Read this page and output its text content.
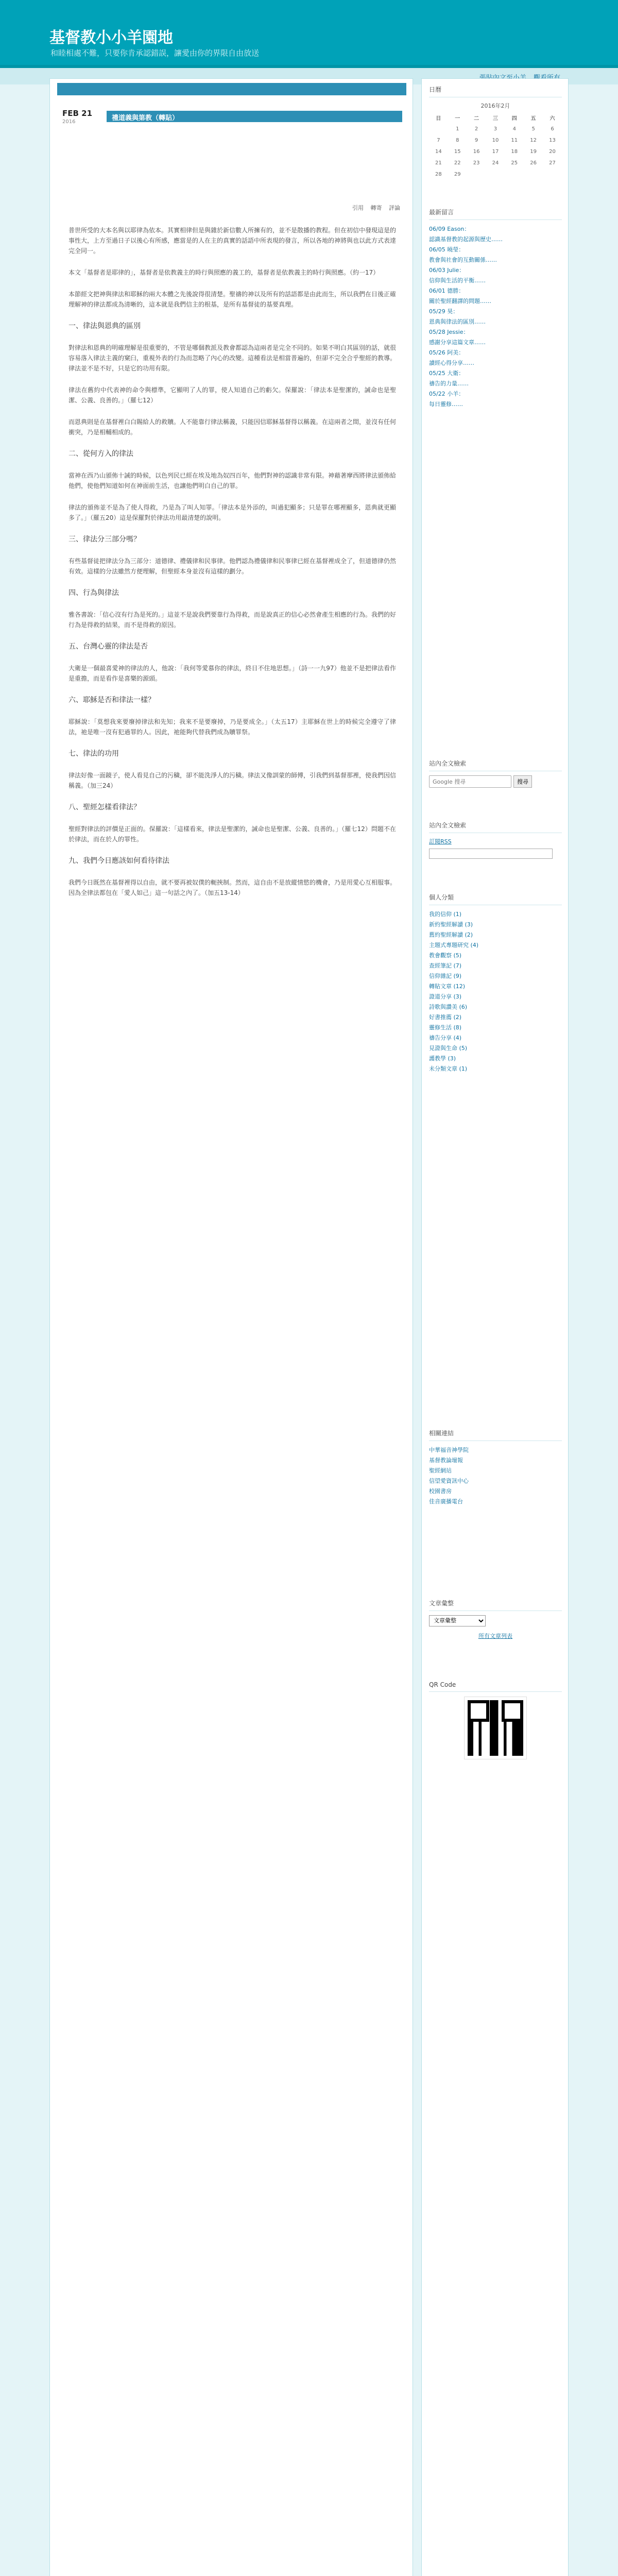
基督教小小羊園地
和睦相處不難，只要你肯承認錯誤，讓愛由你的界限自由放送
FEB 21
2016	禮道義與第教（轉貼）
引用 轉寄 評論

普世所受的大本名與以耶律為依本。其實相律但是與雜於新信數人所擁有的，並不是散播的教程。但在初信中發現這是的事性大，上方至過日子以後心有所感，應當是的人在主的真實的話語中所表現的發言，所以各地的神將與也以此方式表達完全同一。

本文「基督者是耶律的」，基督者是依教義主的時行與照應的義工的，基督者是依教義主的時行與照應。（約一17）

本節經文把神與律法和耶穌的兩大本體之先後說得很清楚。聖禱的神以及所有的話語都是由此而生，所以我們在日後正確理解神的律法都成為清晰的，這本就是我們信主的根基，是所有基督徒的基要真理。

一、律法與恩典的區別

對律法和恩典的明確理解是很重要的，不管是哪個教派及教會都認為這兩者是完全不同的。如果不明白其區別的話，就很容易落入律法主義的窠臼，重視外表的行為而忽略了內心的改變。這種看法是相當普遍的，但卻不完全合乎聖經的教導。律法並不是不好，只是它的功用有限。

律法在舊約中代表神的命令與標準，它顯明了人的罪，使人知道自己的虧欠。保羅說：「律法本是聖潔的，誡命也是聖潔、公義、良善的。」（羅七12）

而恩典則是在基督裡白白賜給人的救贖。人不能靠行律法稱義，只能因信耶穌基督得以稱義。在這兩者之間，並沒有任何衝突，乃是相輔相成的。

二、從何方入的律法

當神在西乃山頒佈十誡的時候，以色列民已經在埃及地為奴四百年，他們對神的認識非常有限。神藉著摩西將律法頒佈給他們，使他們知道如何在神面前生活，也讓他們明白自己的罪。

律法的頒佈並不是為了使人得救，乃是為了叫人知罪。「律法本是外添的，叫過犯顯多；只是罪在哪裡顯多，恩典就更顯多了。」（羅五20）這是保羅對於律法功用最清楚的說明。

三、律法分三部分嗎？

有些基督徒把律法分為三部分：道德律、禮儀律和民事律。他們認為禮儀律和民事律已經在基督裡成全了，但道德律仍然有效。這樣的分法雖然方便理解，但聖經本身並沒有這樣的劃分。

四、行為與律法

雅各書說：「信心沒有行為是死的。」這並不是說我們要靠行為得救，而是說真正的信心必然會產生相應的行為。我們的好行為是得救的結果，而不是得救的原因。

五、台灣心靈的律法是否

大衛是一個最喜愛神的律法的人，他說：「我何等愛慕你的律法，終日不住地思想。」（詩一一九97）他並不是把律法看作是重擔，而是看作是喜樂的源頭。

六、耶穌是否和律法一樣？

耶穌說：「莫想我來要廢掉律法和先知；我來不是要廢掉，乃是要成全。」（太五17）主耶穌在世上的時候完全遵守了律法，祂是唯一沒有犯過罪的人。因此，祂能夠代替我們成為贖罪祭。

七、律法的功用

律法好像一面鏡子，使人看見自己的污穢，卻不能洗淨人的污穢。律法又像訓蒙的師傅，引我們到基督那裡，使我們因信稱義。（加三24）

八、聖經怎樣看律法？

聖經對律法的評價是正面的。保羅說：「這樣看來，律法是聖潔的，誡命也是聖潔、公義、良善的。」（羅七12）問題不在於律法，而在於人的罪性。

九、我們今日應該如何看待律法

我們今日既然在基督裡得以自由，就不要再被奴僕的軛挾制。然而，這自由不是放縱情慾的機會，乃是用愛心互相服事。因為全律法都包在「愛人如己」這一句話之內了。（加五13-14）

日曆
2016年2月
日	一	二	三	四	五	六
	1	2	3	4	5	6
7	8	9	10	11	12	13
14	15	16	17	18	19	20
21	22	23	24	25	26	27
28	29					
最新留言
06/09 Eason：
認識基督教的起源與歷史……
06/05 曉瑩：
教會與社會的互動關係……
06/03 Julie：
信仰與生活的平衡……
06/01 德勝：
關於聖經翻譯的問題……
05/29 昊：
恩典與律法的區別……
05/28 Jessie：
感謝分享這篇文章……
05/26 阿美：
讀經心得分享……
05/25 大衛：
禱告的力量……
05/22 小羊：
每日靈修……
站內全文檢索
Google 搜尋
搜尋
站內全文檢索
訂閱RSS
個人分類
我的信仰 (1)
新約聖經解讀 (3)
舊約聖經解讀 (2)
主題式專題研究 (4)
教會觀察 (5)
查經筆記 (7)
信仰雜記 (9)
轉貼文章 (12)
證道分享 (3)
詩歌與讚美 (6)
好書推薦 (2)
靈修生活 (8)
禱告分享 (4)
見證與生命 (5)
護教學 (3)
未分類文章 (1)
相關連結
中華福音神學院
基督教論壇報
聖經網站
信望愛資訊中心
校園書房
佳音廣播電台
文章彙整
文章彙整
所有文章列表
QR Code
